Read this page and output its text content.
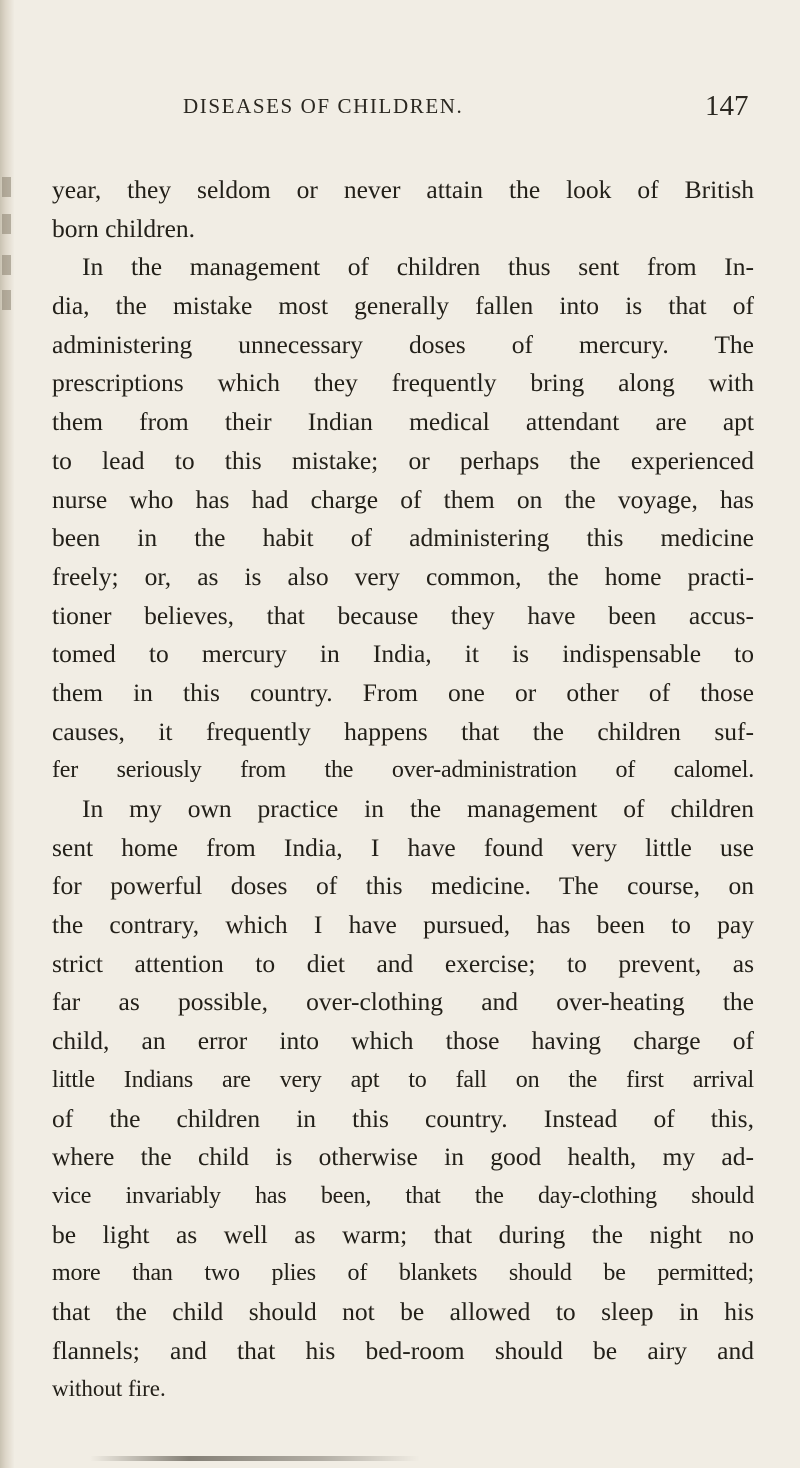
DISEASES OF CHILDREN.	147
year, they seldom or never attain the look of British
born children.
In the management of children thus sent from In-
dia, the mistake most generally fallen into is that of
administering unnecessary doses of mercury. The
prescriptions which they frequently bring along with
them from their Indian medical attendant are apt
to lead to this mistake; or perhaps the experienced
nurse who has had charge of them on the voyage, has
been in the habit of administering this medicine
freely; or, as is also very common, the home practi-
tioner believes, that because they have been accus-
tomed to mercury in India, it is indispensable to
them in this country. From one or other of those
causes, it frequently happens that the children suf-
fer seriously from the over-administration of calomel.
In my own practice in the management of children
sent home from India, I have found very little use
for powerful doses of this medicine. The course, on
the contrary, which I have pursued, has been to pay
strict attention to diet and exercise; to prevent, as
far as possible, over-clothing and over-heating the
child, an error into which those having charge of
little Indians are very apt to fall on the first arrival
of the children in this country. Instead of this,
where the child is otherwise in good health, my ad-
vice invariably has been, that the day-clothing should
be light as well as warm; that during the night no
more than two plies of blankets should be permitted;
that the child should not be allowed to sleep in his
flannels; and that his bed-room should be airy and
without fire.
